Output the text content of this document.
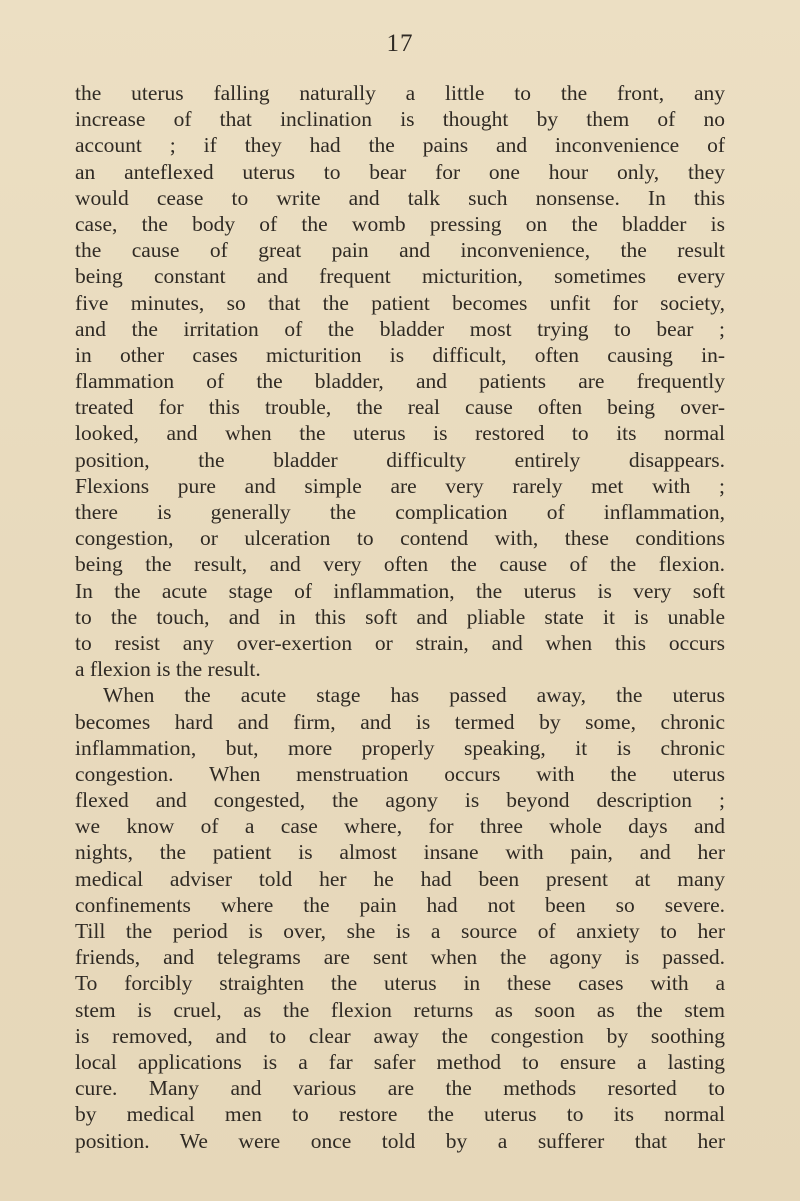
17
the uterus falling naturally a little to the front, any
increase of that inclination is thought by them of no
account ; if they had the pains and inconvenience of
an anteflexed uterus to bear for one hour only, they
would cease to write and talk such nonsense. In this
case, the body of the womb pressing on the bladder is
the cause of great pain and inconvenience, the result
being constant and frequent micturition, sometimes every
five minutes, so that the patient becomes unfit for society,
and the irritation of the bladder most trying to bear ;
in other cases micturition is difficult, often causing in-
flammation of the bladder, and patients are frequently
treated for this trouble, the real cause often being over-
looked, and when the uterus is restored to its normal
position, the bladder difficulty entirely disappears.
Flexions pure and simple are very rarely met with ;
there is generally the complication of inflammation,
congestion, or ulceration to contend with, these conditions
being the result, and very often the cause of the flexion.
In the acute stage of inflammation, the uterus is very soft
to the touch, and in this soft and pliable state it is unable
to resist any over-exertion or strain, and when this occurs
a flexion is the result.
When the acute stage has passed away, the uterus
becomes hard and firm, and is termed by some, chronic
inflammation, but, more properly speaking, it is chronic
congestion. When menstruation occurs with the uterus
flexed and congested, the agony is beyond description ;
we know of a case where, for three whole days and
nights, the patient is almost insane with pain, and her
medical adviser told her he had been present at many
confinements where the pain had not been so severe.
Till the period is over, she is a source of anxiety to her
friends, and telegrams are sent when the agony is passed.
To forcibly straighten the uterus in these cases with a
stem is cruel, as the flexion returns as soon as the stem
is removed, and to clear away the congestion by soothing
local applications is a far safer method to ensure a lasting
cure. Many and various are the methods resorted to
by medical men to restore the uterus to its normal
position. We were once told by a sufferer that her
